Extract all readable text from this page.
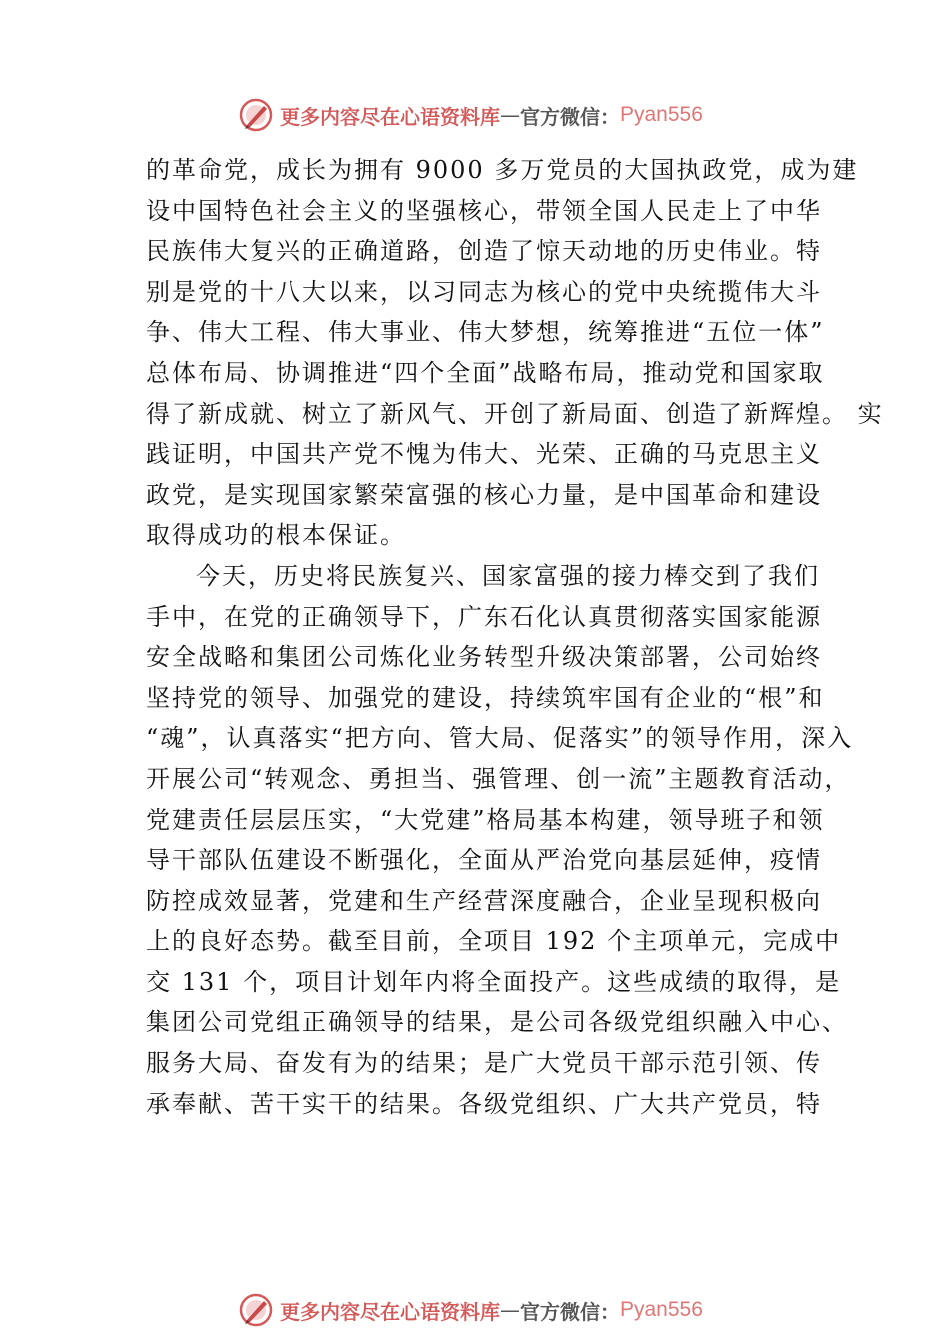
更多内容尽在心语资料库 — 官方微信： Pyan556
的革命党，成长为拥有 9000 多万党员的大国执政党，成为建
设中国特色社会主义的坚强核心，带领全国人民走上了中华
民族伟大复兴的正确道路，创造了惊天动地的历史伟业。特
别是党的十八大以来，以习同志为核心的党中央统揽伟大斗
争、伟大工程、伟大事业、伟大梦想，统筹推进“五位一体”
总体布局、协调推进“四个全面”战略布局，推动党和国家取
得了新成就、树立了新风气、开创了新局面、创造了新辉煌。 实
践证明，中国共产党不愧为伟大、光荣、正确的马克思主义
政党，是实现国家繁荣富强的核心力量，是中国革命和建设
取得成功的根本保证。
今天，历史将民族复兴、国家富强的接力棒交到了我们
手中，在党的正确领导下，广东石化认真贯彻落实国家能源
安全战略和集团公司炼化业务转型升级决策部署，公司始终
坚持党的领导、加强党的建设，持续筑牢国有企业的“根”和
“魂”，认真落实“把方向、管大局、促落实”的领导作用，深入
开展公司“转观念、勇担当、强管理、创一流”主题教育活动，
党建责任层层压实，“大党建”格局基本构建，领导班子和领
导干部队伍建设不断强化，全面从严治党向基层延伸，疫情
防控成效显著，党建和生产经营深度融合，企业呈现积极向
上的良好态势。截至目前，全项目 192 个主项单元，完成中
交 131 个，项目计划年内将全面投产。这些成绩的取得，是
集团公司党组正确领导的结果，是公司各级党组织融入中心、
服务大局、奋发有为的结果；是广大党员干部示范引领、传
承奉献、苦干实干的结果。各级党组织、广大共产党员，特
更多内容尽在心语资料库 — 官方微信： Pyan556
